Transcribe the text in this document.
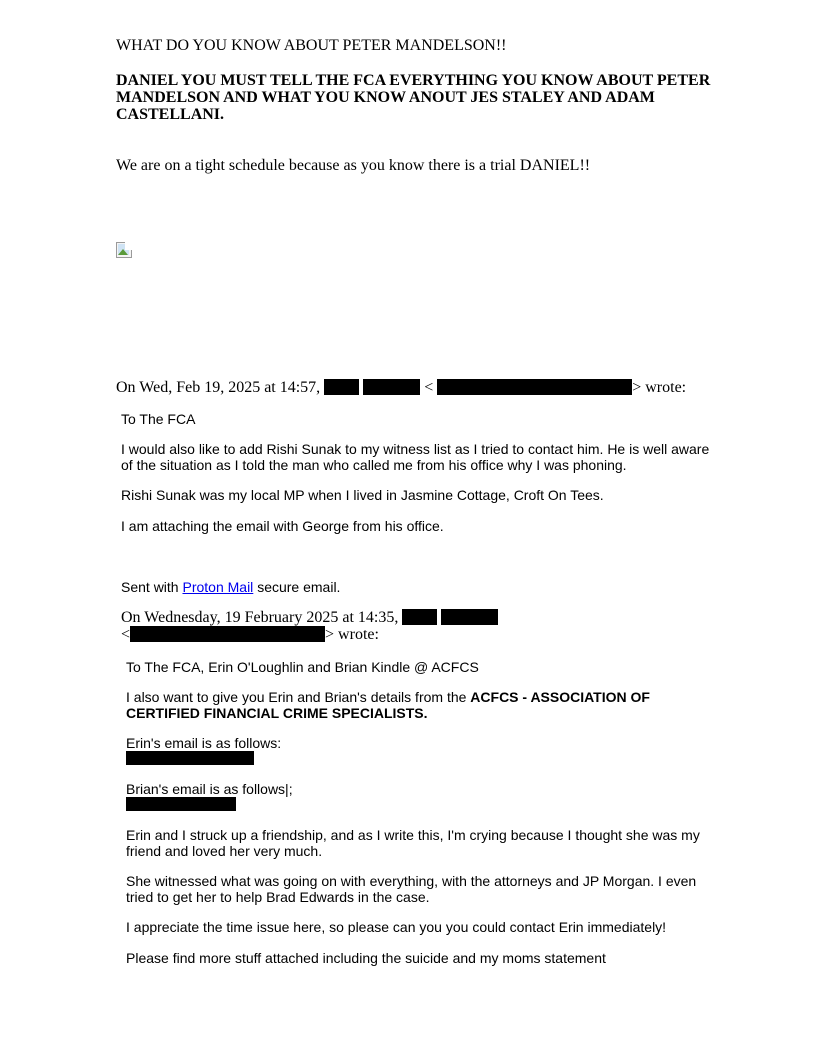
WHAT DO YOU KNOW ABOUT PETER MANDELSON!!
DANIEL YOU MUST TELL THE FCA EVERYTHING YOU KNOW ABOUT PETER
MANDELSON AND WHAT YOU KNOW ANOUT JES STALEY AND ADAM
CASTELLANI.
We are on a tight schedule because as you know there is a trial DANIEL!!
On Wed, Feb 19, 2025 at 14:57,	<	> wrote:
To The FCA
I would also like to add Rishi Sunak to my witness list as I tried to contact him. He is well aware
of the situation as I told the man who called me from his office why I was phoning.
Rishi Sunak was my local MP when I lived in Jasmine Cottage, Croft On Tees.
I am attaching the email with George from his office.
Sent with Proton Mail secure email.
On Wednesday, 19 February 2025 at 14:35,
<	> wrote:
To The FCA, Erin O'Loughlin and Brian Kindle @ ACFCS
I also want to give you Erin and Brian's details from the ACFCS - ASSOCIATION OF
CERTIFIED FINANCIAL CRIME SPECIALISTS.
Erin's email is as follows:
Brian's email is as follows|;
Erin and I struck up a friendship, and as I write this, I'm crying because I thought she was my
friend and loved her very much.
She witnessed what was going on with everything, with the attorneys and JP Morgan. I even
tried to get her to help Brad Edwards in the case.
I appreciate the time issue here, so please can you you could contact Erin immediately!
Please find more stuff attached including the suicide and my moms statement
